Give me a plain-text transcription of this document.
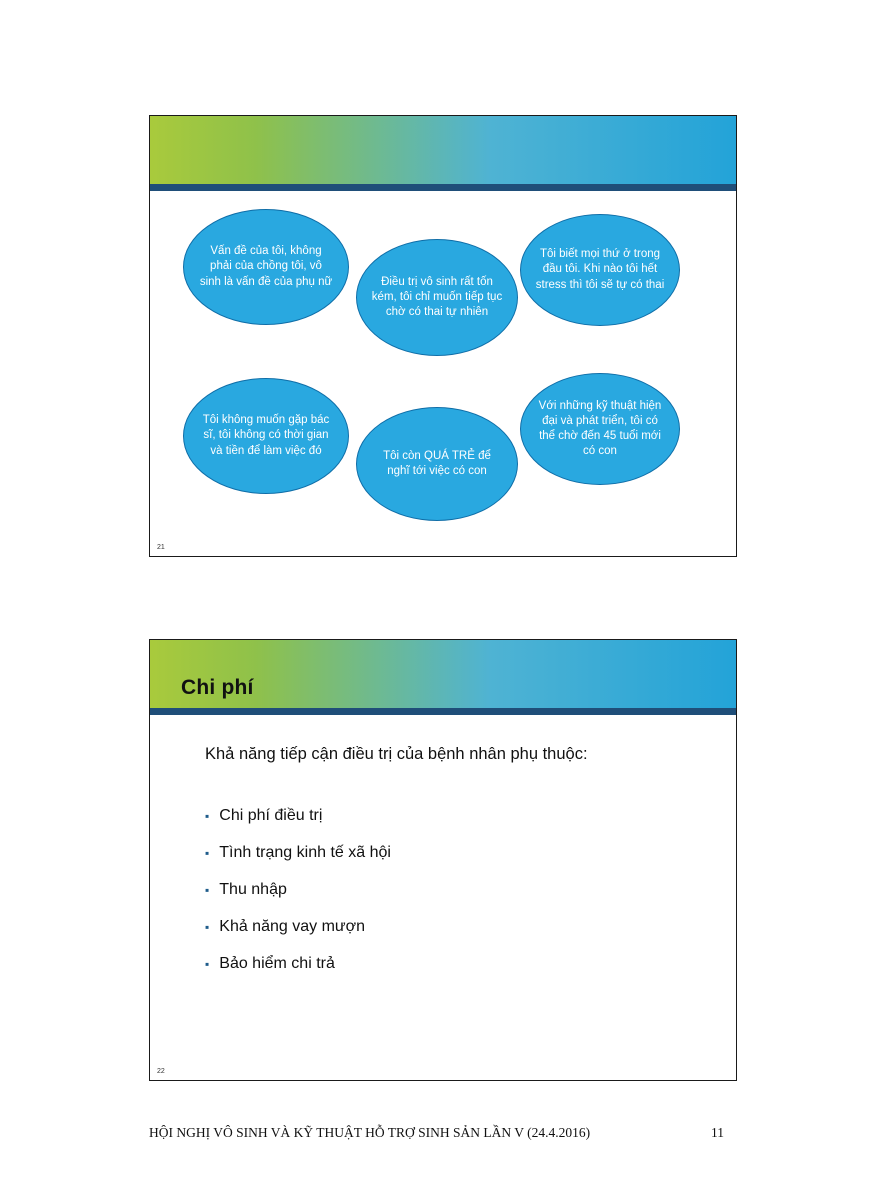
Vấn đề của tôi, không phải của chồng tôi, vô sinh là vấn đề của phụ nữ	Điều trị vô sinh rất tốn kém, tôi chỉ muốn tiếp tục chờ có thai tự nhiên
Tôi biết mọi thứ ở trong đầu tôi. Khi nào tôi hết stress thì tôi sẽ tự có thai
Tôi không muốn gặp bác sĩ, tôi không có thời gian và tiền để làm việc đó	Tôi còn QUÁ TRẺ để nghĩ tới việc có con
Với những kỹ thuật hiện đại và phát triển, tôi có thể chờ đến 45 tuổi mới có con
21
Chi phí
Khả năng tiếp cận điều trị của bệnh nhân phụ thuộc:
▪ Chi phí điều trị
▪ Tình trạng kinh tế xã hội
▪ Thu nhập
▪ Khả năng vay mượn
▪ Bảo hiểm chi trả
22
HỘI NGHỊ VÔ SINH VÀ KỸ THUẬT HỖ TRỢ SINH SẢN LẦN V (24.4.2016)	11
